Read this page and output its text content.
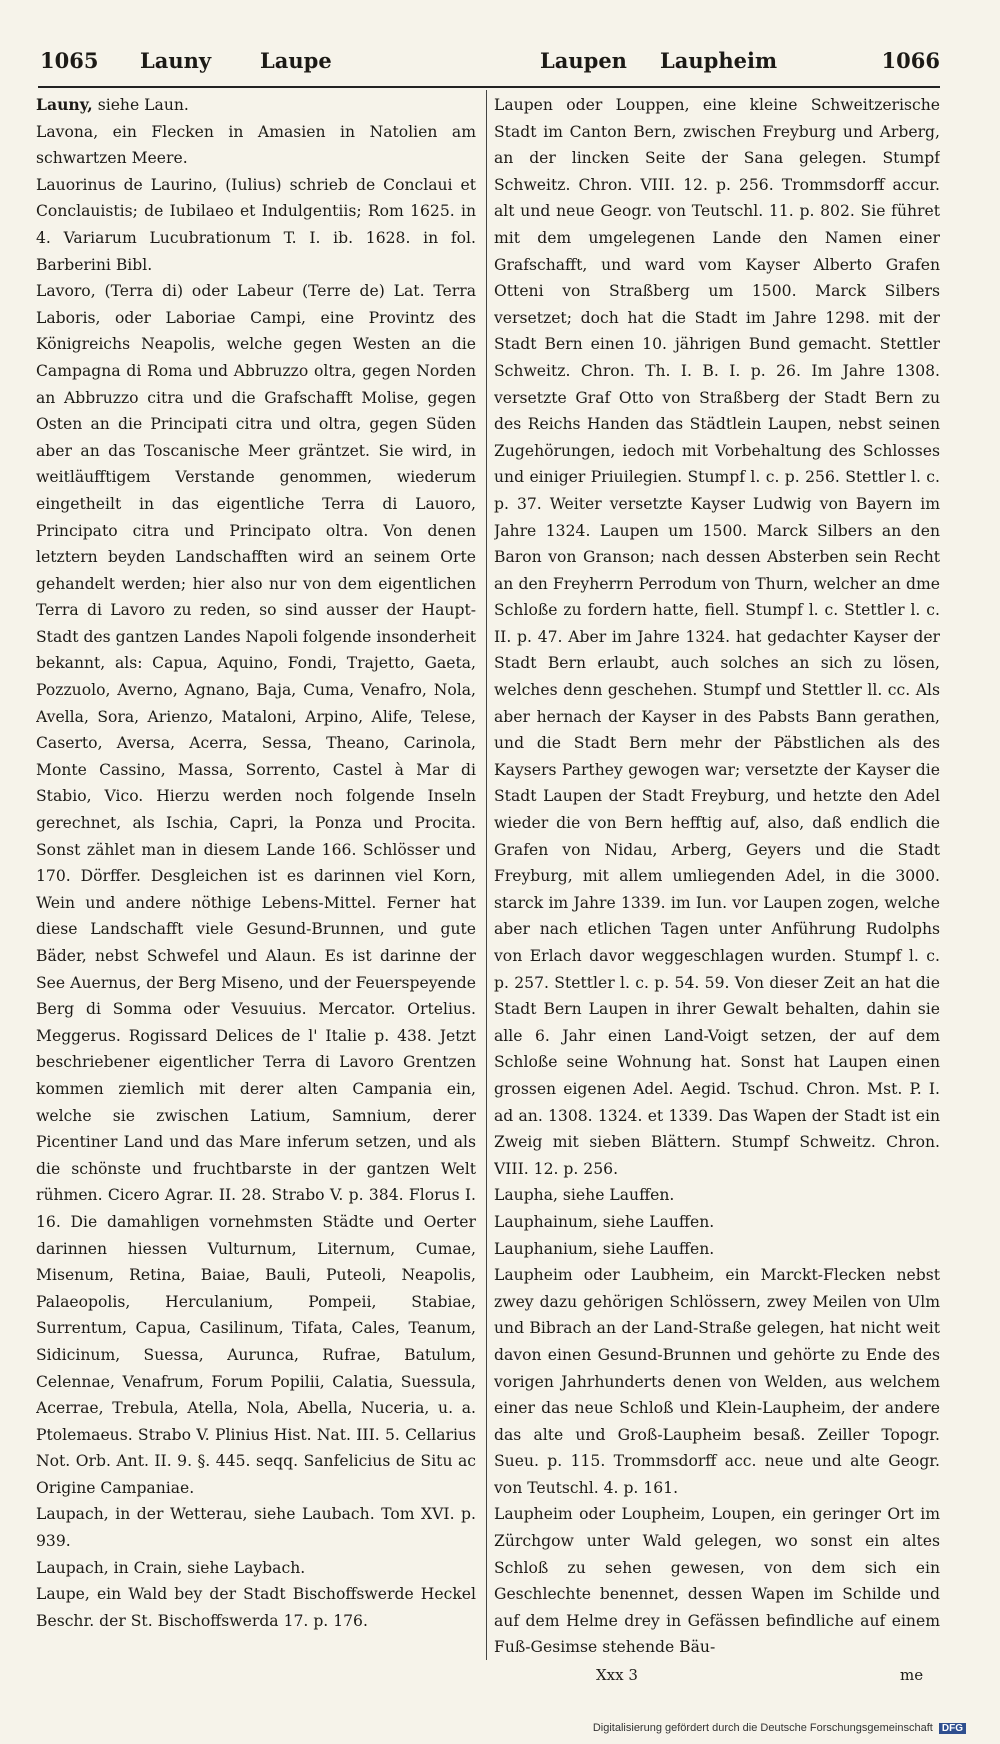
1065 Launy Laupe	Laupen Laupheim	1066
Launy, siehe Laun.
Lavona, ein Flecken in Amasien in Natolien am schwartzen Meere.
Lauorinus de Laurino, (Iulius) schrieb de Conclaui et Conclauistis; de Iubilaeo et Indulgentiis; Rom 1625. in 4. Variarum Lucubrationum T. I. ib. 1628. in fol. Barberini Bibl.
Lavoro, (Terra di) oder Labeur (Terre de) Lat. Terra Laboris, oder Laboriae Campi, eine Provintz des Königreichs Neapolis, welche gegen Westen an die Campagna di Roma und Abbruzzo oltra, gegen Norden an Abbruzzo citra und die Grafschafft Molise, gegen Osten an die Principati citra und oltra, gegen Süden aber an das Toscanische Meer gräntzet. Sie wird, in weitläufftigem Verstande genommen, wiederum eingetheilt in das eigentliche Terra di Lauoro, Principato citra und Principato oltra. Von denen letztern beyden Landschafften wird an seinem Orte gehandelt werden; hier also nur von dem eigentlichen Terra di Lavoro zu reden, so sind ausser der Haupt-Stadt des gantzen Landes Napoli folgende insonderheit bekannt, als: Capua, Aquino, Fondi, Trajetto, Gaeta, Pozzuolo, Averno, Agnano, Baja, Cuma, Venafro, Nola, Avella, Sora, Arienzo, Mataloni, Arpino, Alife, Telese, Caserto, Aversa, Acerra, Sessa, Theano, Carinola, Monte Cassino, Massa, Sorrento, Castel à Mar di Stabio, Vico. Hierzu werden noch folgende Inseln gerechnet, als Ischia, Capri, la Ponza und Procita. Sonst zählet man in diesem Lande 166. Schlösser und 170. Dörffer. Desgleichen ist es darinnen viel Korn, Wein und andere nöthige Lebens-Mittel. Ferner hat diese Landschafft viele Gesund-Brunnen, und gute Bäder, nebst Schwefel und Alaun. Es ist darinne der See Auernus, der Berg Miseno, und der Feuerspeyende Berg di Somma oder Vesuuius. Mercator. Ortelius. Meggerus. Rogissard Delices de l' Italie p. 438. Jetzt beschriebener eigentlicher Terra di Lavoro Grentzen kommen ziemlich mit derer alten Campania ein, welche sie zwischen Latium, Samnium, derer Picentiner Land und das Mare inferum setzen, und als die schönste und fruchtbarste in der gantzen Welt rühmen. Cicero Agrar. II. 28. Strabo V. p. 384. Florus I. 16. Die damahligen vornehmsten Städte und Oerter darinnen hiessen Vulturnum, Liternum, Cumae, Misenum, Retina, Baiae, Bauli, Puteoli, Neapolis, Palaeopolis, Herculanium, Pompeii, Stabiae, Surrentum, Capua, Casilinum, Tifata, Cales, Teanum, Sidicinum, Suessa, Aurunca, Rufrae, Batulum, Celennae, Venafrum, Forum Popilii, Calatia, Suessula, Acerrae, Trebula, Atella, Nola, Abella, Nuceria, u. a. Ptolemaeus. Strabo V. Plinius Hist. Nat. III. 5. Cellarius Not. Orb. Ant. II. 9. §. 445. seqq. Sanfelicius de Situ ac Origine Campaniae.
Laupach, in der Wetterau, siehe Laubach. Tom XVI. p. 939.
Laupach, in Crain, siehe Laybach.
Laupe, ein Wald bey der Stadt Bischoffswerde Heckel Beschr. der St. Bischoffswerda 17. p. 176.
Laupen oder Louppen, eine kleine Schweitzerische Stadt im Canton Bern, zwischen Freyburg und Arberg, an der lincken Seite der Sana gelegen. Stumpf Schweitz. Chron. VIII. 12. p. 256. Trommsdorff accur. alt und neue Geogr. von Teutschl. 11. p. 802. Sie führet mit dem umgelegenen Lande den Namen einer Grafschafft, und ward vom Kayser Alberto Grafen Otteni von Straßberg um 1500. Marck Silbers versetzet; doch hat die Stadt im Jahre 1298. mit der Stadt Bern einen 10. jährigen Bund gemacht. Stettler Schweitz. Chron. Th. I. B. I. p. 26. Im Jahre 1308. versetzte Graf Otto von Straßberg der Stadt Bern zu des Reichs Handen das Städtlein Laupen, nebst seinen Zugehörungen, iedoch mit Vorbehaltung des Schlosses und einiger Priuilegien. Stumpf l. c. p. 256. Stettler l. c. p. 37. Weiter versetzte Kayser Ludwig von Bayern im Jahre 1324. Laupen um 1500. Marck Silbers an den Baron von Granson; nach dessen Absterben sein Recht an den Freyherrn Perrodum von Thurn, welcher an dme Schloße zu fordern hatte, fiell. Stumpf l. c. Stettler l. c. II. p. 47. Aber im Jahre 1324. hat gedachter Kayser der Stadt Bern erlaubt, auch solches an sich zu lösen, welches denn geschehen. Stumpf und Stettler ll. cc. Als aber hernach der Kayser in des Pabsts Bann gerathen, und die Stadt Bern mehr der Päbstlichen als des Kaysers Parthey gewogen war; versetzte der Kayser die Stadt Laupen der Stadt Freyburg, und hetzte den Adel wieder die von Bern hefftig auf, also, daß endlich die Grafen von Nidau, Arberg, Geyers und die Stadt Freyburg, mit allem umliegenden Adel, in die 3000. starck im Jahre 1339. im Iun. vor Laupen zogen, welche aber nach etlichen Tagen unter Anführung Rudolphs von Erlach davor weggeschlagen wurden. Stumpf l. c. p. 257. Stettler l. c. p. 54. 59. Von dieser Zeit an hat die Stadt Bern Laupen in ihrer Gewalt behalten, dahin sie alle 6. Jahr einen Land-Voigt setzen, der auf dem Schloße seine Wohnung hat. Sonst hat Laupen einen grossen eigenen Adel. Aegid. Tschud. Chron. Mst. P. I. ad an. 1308. 1324. et 1339. Das Wapen der Stadt ist ein Zweig mit sieben Blättern. Stumpf Schweitz. Chron. VIII. 12. p. 256.
Laupha, siehe Lauffen.
Lauphainum, siehe Lauffen.
Lauphanium, siehe Lauffen.
Laupheim oder Laubheim, ein Marckt-Flecken nebst zwey dazu gehörigen Schlössern, zwey Meilen von Ulm und Bibrach an der Land-Straße gelegen, hat nicht weit davon einen Gesund-Brunnen und gehörte zu Ende des vorigen Jahrhunderts denen von Welden, aus welchem einer das neue Schloß und Klein-Laupheim, der andere das alte und Groß-Laupheim besaß. Zeiller Topogr. Sueu. p. 115. Trommsdorff acc. neue und alte Geogr. von Teutschl. 4. p. 161.
Laupheim oder Loupheim, Loupen, ein geringer Ort im Zürchgow unter Wald gelegen, wo sonst ein altes Schloß zu sehen gewesen, von dem sich ein Geschlechte benennet, dessen Wapen im Schilde und auf dem Helme drey in Gefässen befindliche auf einem Fuß-Gesimse stehende Bäu-
Xxx 3	me
Digitalisierung gefördert durch die Deutsche Forschungsgemeinschaft DFG
